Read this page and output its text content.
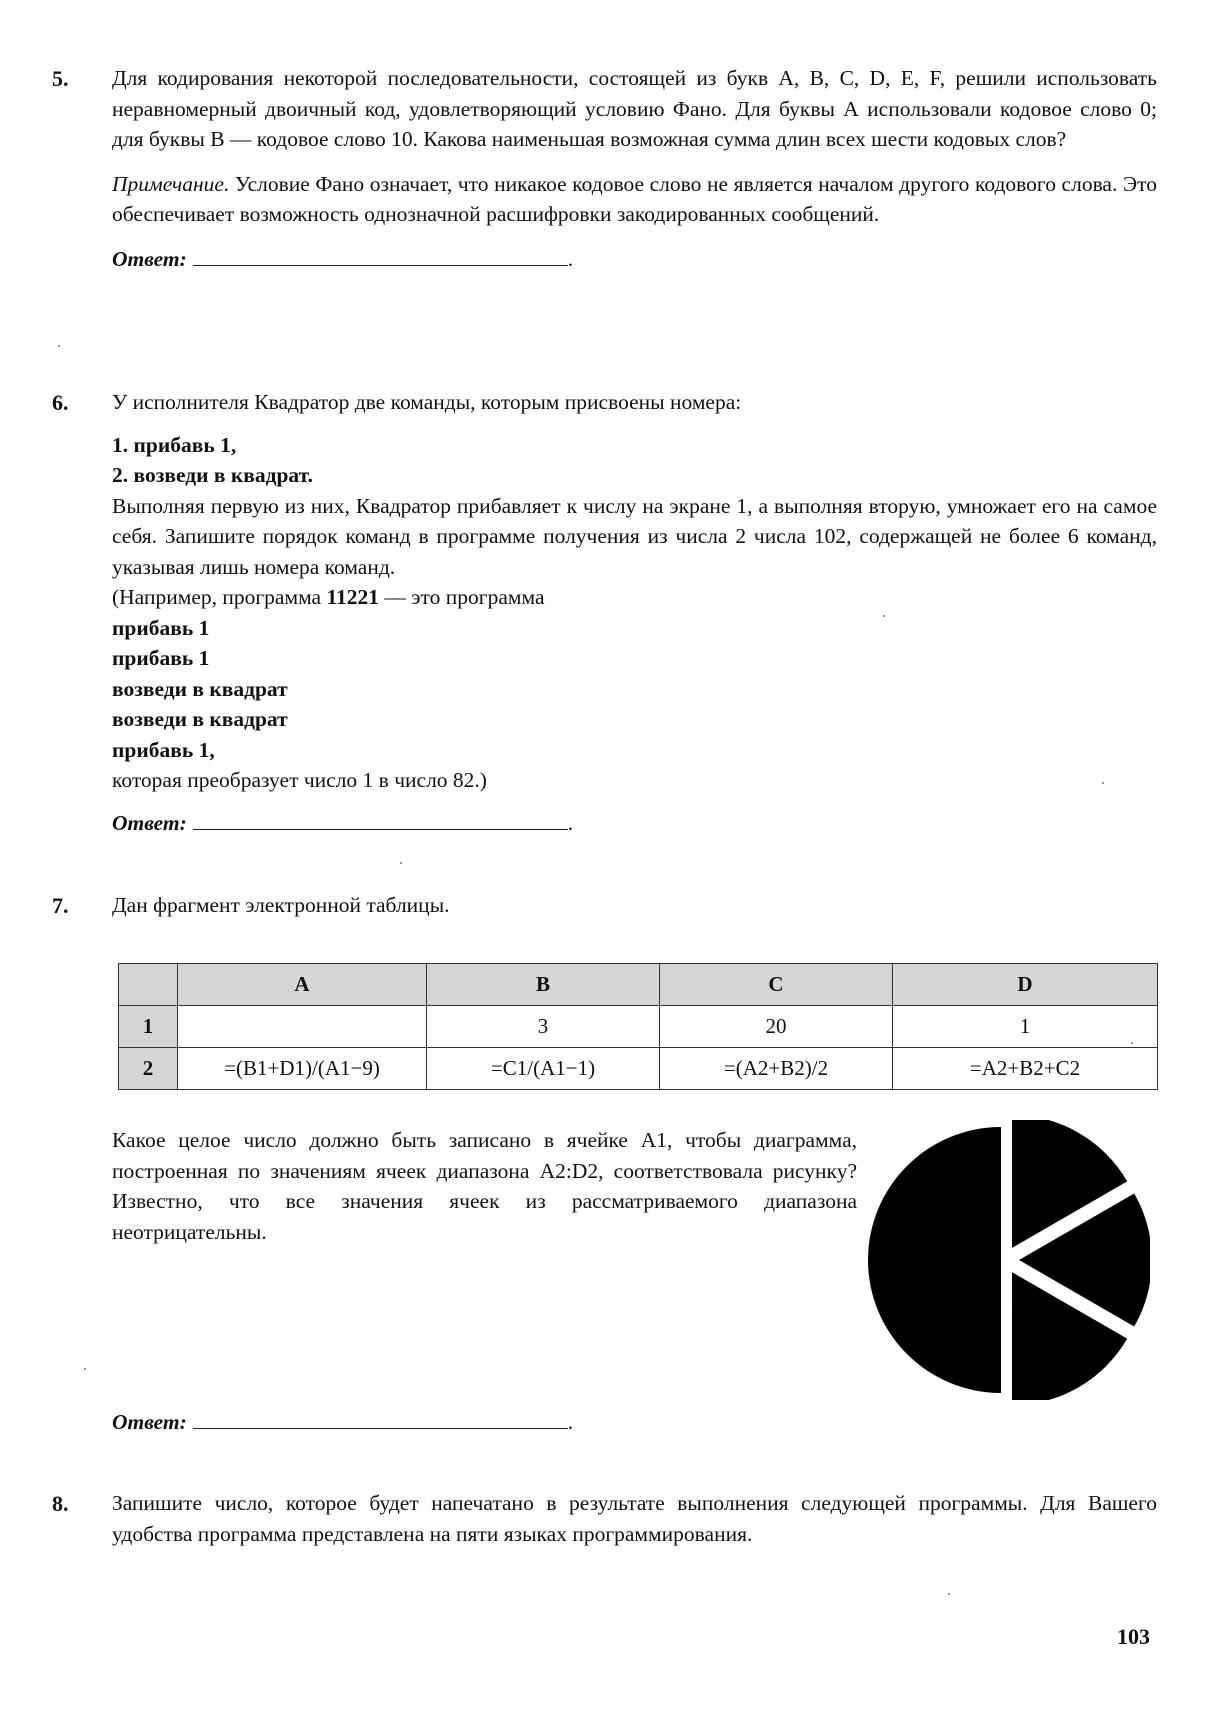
5. Для кодирования некоторой последовательности, состоящей из букв А, В, С, D, Е, F, решили использовать неравномерный двоичный код, удовлетворяющий условию Фано. Для буквы А использовали кодовое слово 0; для буквы В — кодовое слово 10. Какова наименьшая возможная сумма длин всех шести кодовых слов?

Примечание. Условие Фано означает, что никакое кодовое слово не является началом другого кодового слова. Это обеспечивает возможность однозначной расшифровки закодированных сообщений.

Ответ:	.

6. У исполнителя Квадратор две команды, которым присвоены номера:

1. прибавь 1,

2. возведи в квадрат.

Выполняя первую из них, Квадратор прибавляет к числу на экране 1, а выполняя вторую, умножает его на самое себя. Запишите порядок команд в программе получения из числа 2 числа 102, содержащей не более 6 команд, указывая лишь номера команд.

(Например, программа 11221 — это программа

прибавь 1

прибавь 1

возведи в квадрат

возведи в квадрат

прибавь 1,

которая преобразует число 1 в число 82.)

Ответ:	.

7. Дан фрагмент электронной таблицы.

	A	B	C	D
1		3	20	1
2	=(B1+D1)/(A1−9)	=C1/(A1−1)	=(A2+B2)/2	=A2+B2+C2

Какое целое число должно быть записано в ячейке А1, чтобы диаграмма, построенная по значениям ячеек диапазона A2:D2, соответствовала рисунку? Известно, что все значения ячеек из рассматриваемого диапазона неотрицательны.

Ответ:	.

8. Запишите число, которое будет напечатано в результате выполнения следующей программы. Для Вашего удобства программа представлена на пяти языках программирования.

103
